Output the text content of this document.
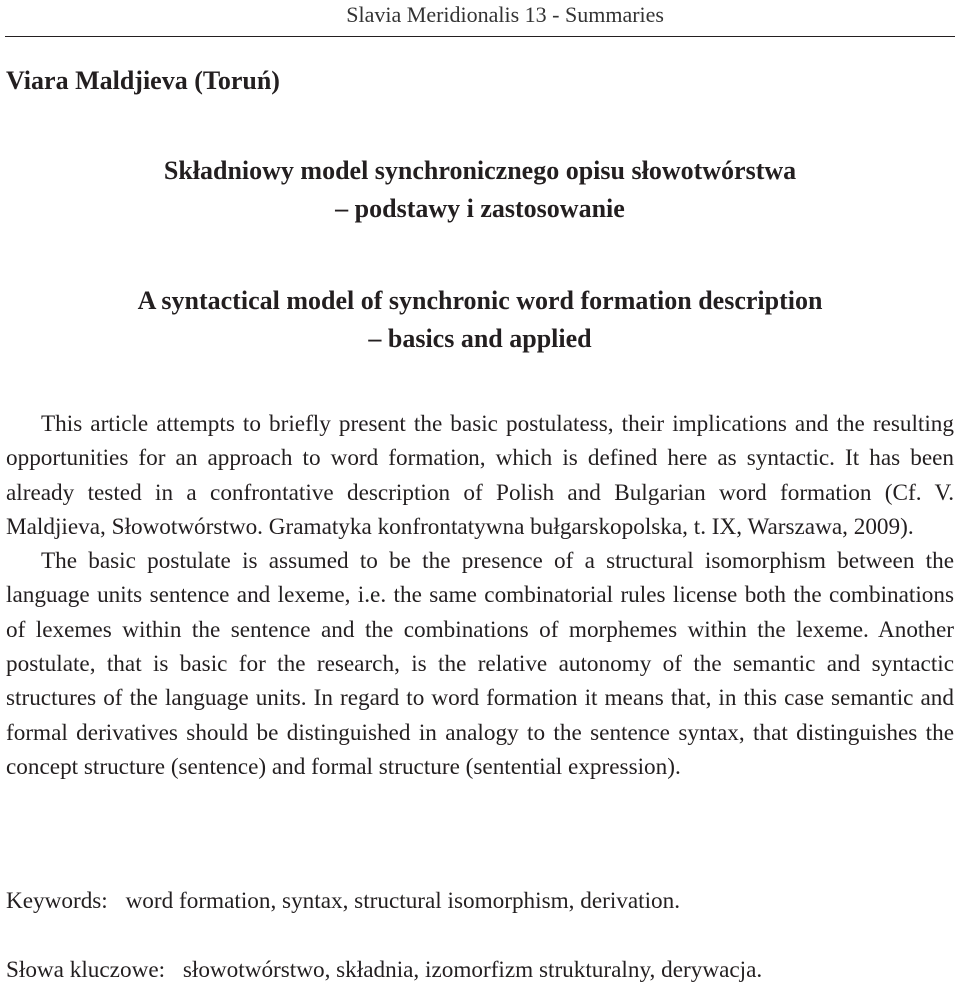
Slavia Meridionalis 13 - Summaries
Viara Maldjieva (Toruń)
Składniowy model synchronicznego opisu słowotwórstwa
– podstawy i zastosowanie
A syntactical model of synchronic word formation description
– basics and applied

This article attempts to briefly present the basic postulatess, their implications and the resulting opportunities for an approach to word formation, which is defined here as syntactic. It has been already tested in a confrontative description of Polish and Bulgarian word formation (Cf. V. Maldjieva, Słowotwórstwo. Gramatyka konfrontatywna bułgarskopolska, t. IX, Warszawa, 2009).

The basic postulate is assumed to be the presence of a structural isomorphism between the language units sentence and lexeme, i.e. the same combinatorial rules license both the combinations of lexemes within the sentence and the combinations of morphemes within the lexeme. Another postulate, that is basic for the research, is the relative autonomy of the semantic and syntactic structures of the language units. In regard to word formation it means that, in this case semantic and formal derivatives should be distinguished in analogy to the sentence syntax, that distinguishes the concept structure (sentence) and formal structure (sentential expression).

Keywords: word formation, syntax, structural isomorphism, derivation.
Słowa kluczowe: słowotwórstwo, składnia, izomorfizm strukturalny, derywacja.
